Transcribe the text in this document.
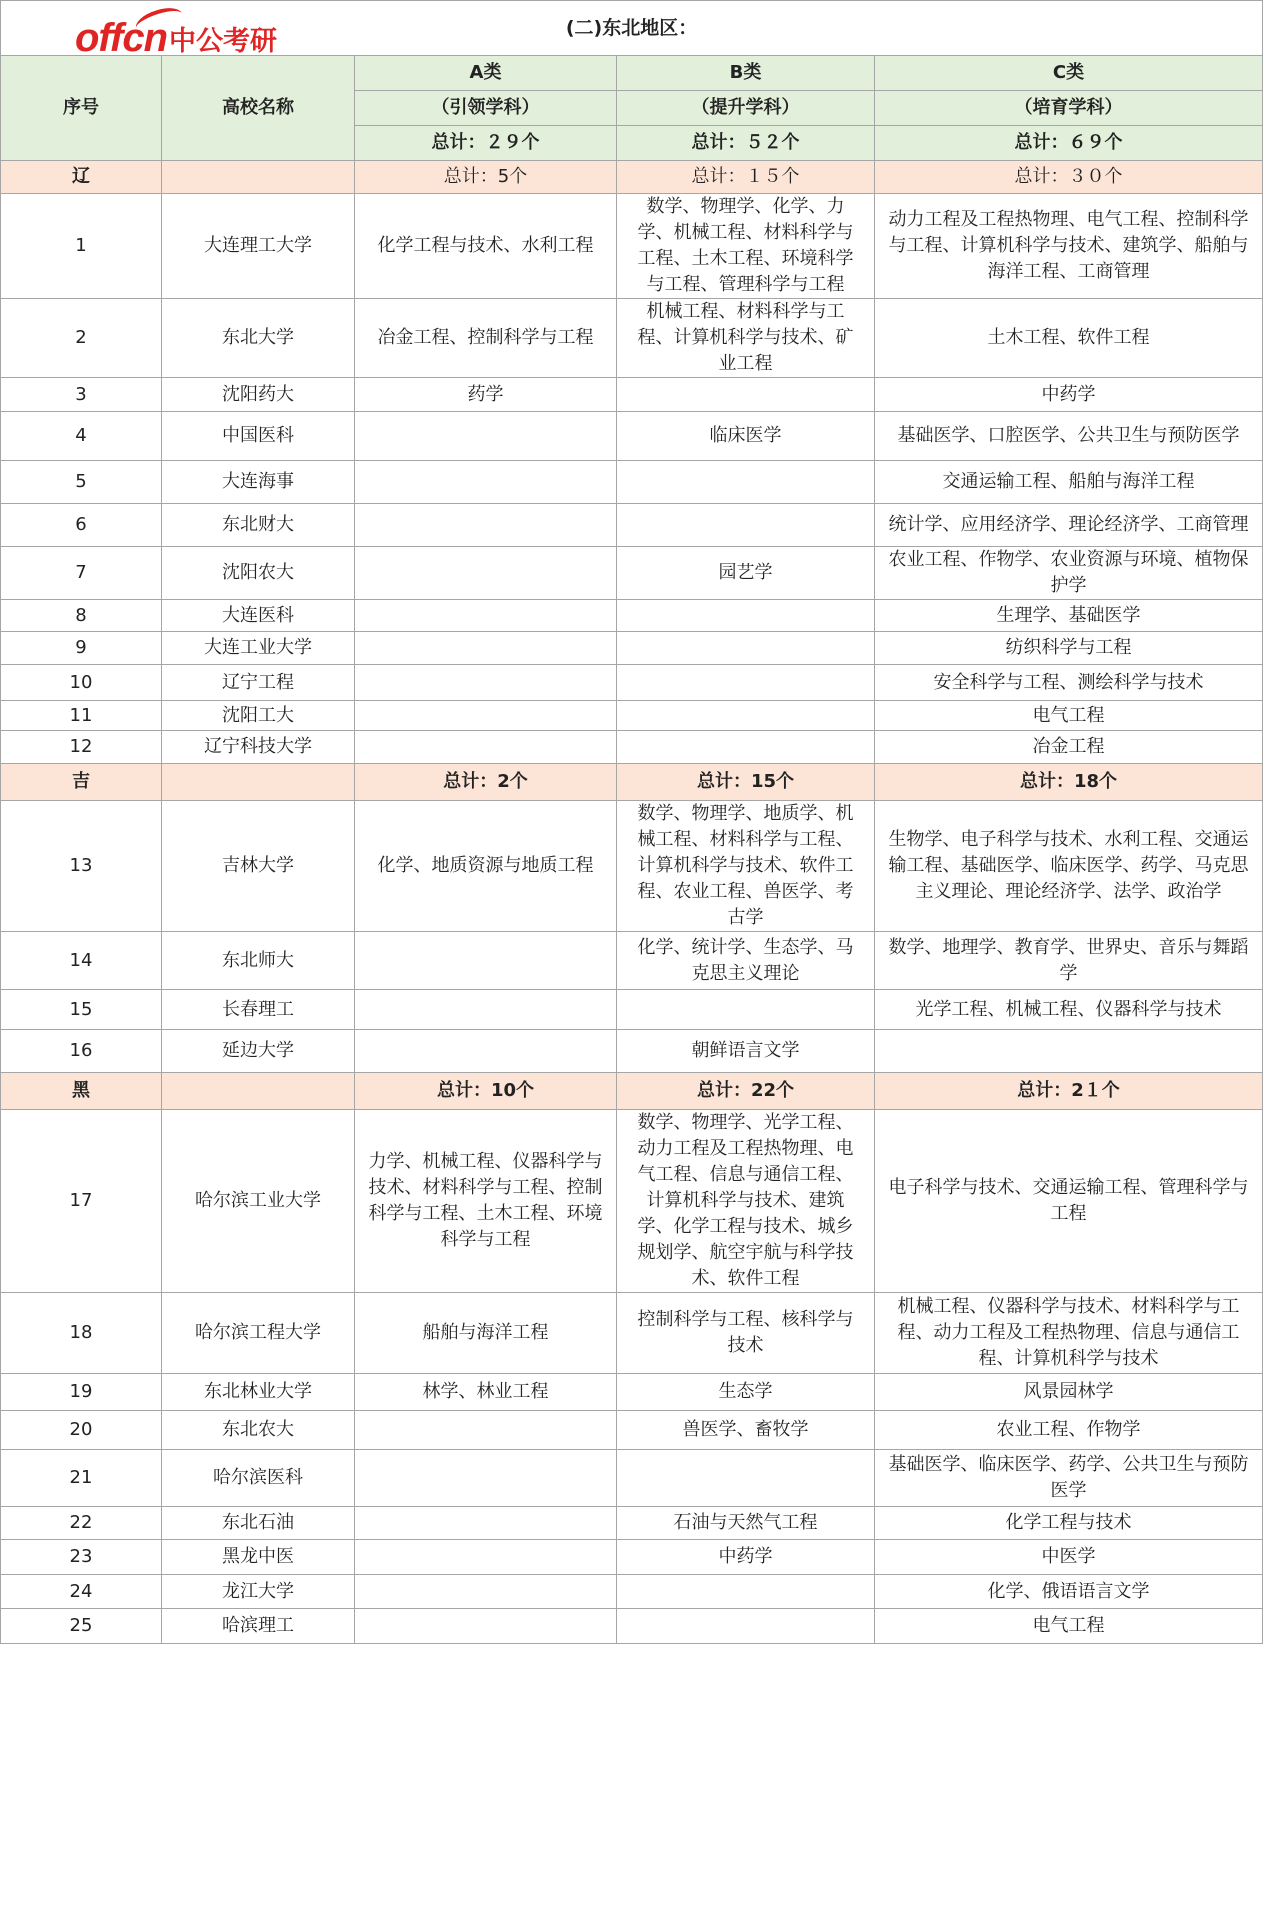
offcn 中公考研	(二)东北地区：				
序号	高校名称	A类	B类	C类
		（引领学科）	（提升学科）	（培育学科）
		总计：２９个	总计：５２个	总计：６９个
辽		总计：5个	总计：１５个	总计：３０个
1	大连理工大学	化学工程与技术、水利工程	数学、物理学、化学、力学、机械工程、材料科学与工程、土木工程、环境科学与工程、管理科学与工程	动力工程及工程热物理、电气工程、控制科学与工程、计算机科学与技术、建筑学、船舶与海洋工程、工商管理
2	东北大学	冶金工程、控制科学与工程	机械工程、材料科学与工程、计算机科学与技术、矿业工程	土木工程、软件工程
3	沈阳药大	药学		中药学
4	中国医科		临床医学	基础医学、口腔医学、公共卫生与预防医学
5	大连海事			交通运输工程、船舶与海洋工程
6	东北财大			统计学、应用经济学、理论经济学、工商管理
7	沈阳农大		园艺学	农业工程、作物学、农业资源与环境、植物保护学
8	大连医科			生理学、基础医学
9	大连工业大学			纺织科学与工程
10	辽宁工程			安全科学与工程、测绘科学与技术
11	沈阳工大			电气工程
12	辽宁科技大学			冶金工程
吉		总计：2个	总计：15个	总计：18个
13	吉林大学	化学、地质资源与地质工程	数学、物理学、地质学、机械工程、材料科学与工程、计算机科学与技术、软件工程、农业工程、兽医学、考古学	生物学、电子科学与技术、水利工程、交通运输工程、基础医学、临床医学、药学、马克思主义理论、理论经济学、法学、政治学
14	东北师大		化学、统计学、生态学、马克思主义理论	数学、地理学、教育学、世界史、音乐与舞蹈学
15	长春理工			光学工程、机械工程、仪器科学与技术
16	延边大学		朝鲜语言文学	
黑		总计：10个	总计：22个	总计：2１个
17	哈尔滨工业大学	力学、机械工程、仪器科学与技术、材料科学与工程、控制科学与工程、土木工程、环境科学与工程	数学、物理学、光学工程、动力工程及工程热物理、电气工程、信息与通信工程、计算机科学与技术、建筑学、化学工程与技术、城乡规划学、航空宇航与科学技术、软件工程	电子科学与技术、交通运输工程、管理科学与工程
18	哈尔滨工程大学	船舶与海洋工程	控制科学与工程、核科学与技术	机械工程、仪器科学与技术、材料科学与工程、动力工程及工程热物理、信息与通信工程、计算机科学与技术
19	东北林业大学	林学、林业工程	生态学	风景园林学
20	东北农大		兽医学、畜牧学	农业工程、作物学
21	哈尔滨医科			基础医学、临床医学、药学、公共卫生与预防医学
22	东北石油		石油与天然气工程	化学工程与技术
23	黑龙中医		中药学	中医学
24	龙江大学			化学、俄语语言文学
25	哈滨理工			电气工程
